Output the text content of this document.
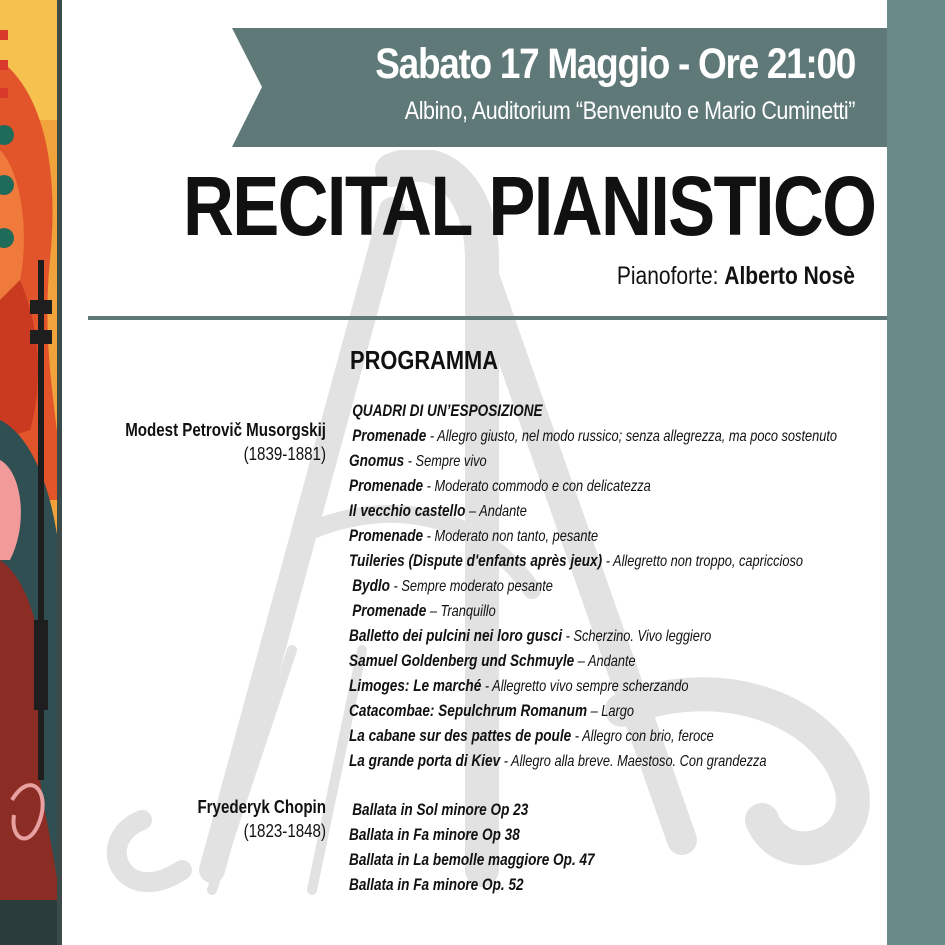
Sabato 17 Maggio - Ore 21:00
Albino, Auditorium “Benvenuto e Mario Cuminetti”
RECITAL PIANISTICO
Pianoforte: Alberto Nosè
PROGRAMMA
Modest Petrovič Musorgskij
(1839-1881)
QUADRI DI UN’ESPOSIZIONE
Promenade - Allegro giusto, nel modo russico; senza allegrezza, ma poco sostenuto
Gnomus - Sempre vivo
Promenade - Moderato commodo e con delicatezza
Il vecchio castello – Andante
Promenade - Moderato non tanto, pesante
Tuileries (Dispute d'enfants après jeux) - Allegretto non troppo, capriccioso
Bydlo - Sempre moderato pesante
Promenade – Tranquillo
Balletto dei pulcini nei loro gusci - Scherzino. Vivo leggiero
Samuel Goldenberg und Schmuyle – Andante
Limoges: Le marché - Allegretto vivo sempre scherzando
Catacombae: Sepulchrum Romanum – Largo
La cabane sur des pattes de poule - Allegro con brio, feroce
La grande porta di Kiev - Allegro alla breve. Maestoso. Con grandezza
Fryederyk Chopin
(1823-1848)
Ballata in Sol minore Op 23
Ballata in Fa minore Op 38
Ballata in La bemolle maggiore Op. 47
Ballata in Fa minore Op. 52
